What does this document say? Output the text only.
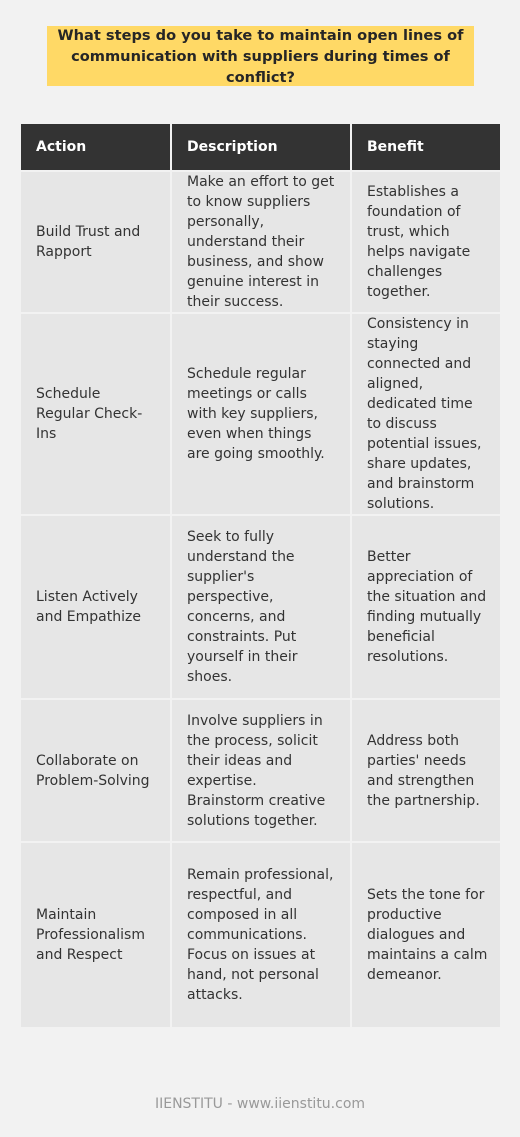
What steps do you take to maintain open lines of communication with suppliers during times of conflict?
Action	Description	Benefit
Build Trust and Rapport	Make an effort to get to know suppliers personally, understand their business, and show genuine interest in their success.	Establishes a foundation of trust, which helps navigate challenges together.
Schedule Regular Check-Ins	Schedule regular meetings or calls with key suppliers, even when things are going smoothly.	Consistency in staying connected and aligned, dedicated time to discuss potential issues, share updates, and brainstorm solutions.
Listen Actively and Empathize	Seek to fully understand the supplier's perspective, concerns, and constraints. Put yourself in their shoes.	Better appreciation of the situation and finding mutually beneficial resolutions.
Collaborate on Problem-Solving	Involve suppliers in the process, solicit their ideas and expertise. Brainstorm creative solutions together.	Address both parties' needs and strengthen the partnership.
Maintain Professionalism and Respect	Remain professional, respectful, and composed in all communications. Focus on issues at hand, not personal attacks.	Sets the tone for productive dialogues and maintains a calm demeanor.
IIENSTITU - www.iienstitu.com
